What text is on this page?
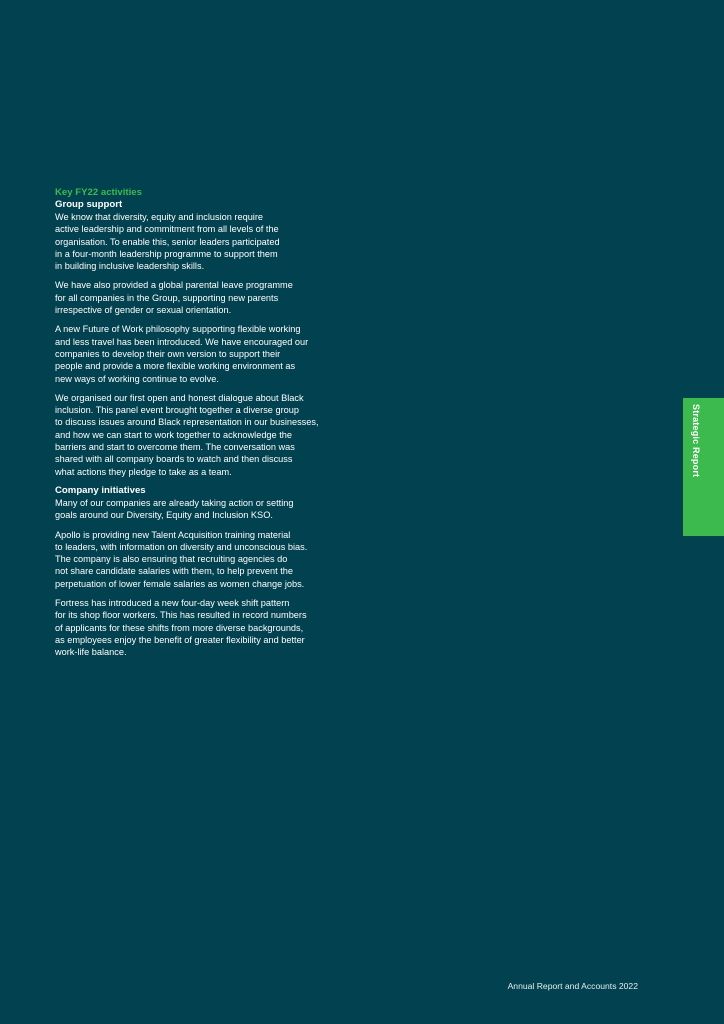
Key FY22 activities

Group support

We know that diversity, equity and inclusion require
active leadership and commitment from all levels of the
organisation. To enable this, senior leaders participated
in a four-month leadership programme to support them
in building inclusive leadership skills.

We have also provided a global parental leave programme
for all companies in the Group, supporting new parents
irrespective of gender or sexual orientation.

A new Future of Work philosophy supporting flexible working
and less travel has been introduced. We have encouraged our
companies to develop their own version to support their
people and provide a more flexible working environment as
new ways of working continue to evolve.

We organised our first open and honest dialogue about Black
inclusion. This panel event brought together a diverse group
to discuss issues around Black representation in our businesses,
and how we can start to work together to acknowledge the
barriers and start to overcome them. The conversation was
shared with all company boards to watch and then discuss
what actions they pledge to take as a team.

Company initiatives

Many of our companies are already taking action or setting
goals around our Diversity, Equity and Inclusion KSO.

Apollo is providing new Talent Acquisition training material
to leaders, with information on diversity and unconscious bias.
The company is also ensuring that recruiting agencies do
not share candidate salaries with them, to help prevent the
perpetuation of lower female salaries as women change jobs.

Fortress has introduced a new four-day week shift pattern
for its shop floor workers. This has resulted in record numbers
of applicants for these shifts from more diverse backgrounds,
as employees enjoy the benefit of greater flexibility and better
work-life balance.

Strategic Report
Annual Report and Accounts 2022
